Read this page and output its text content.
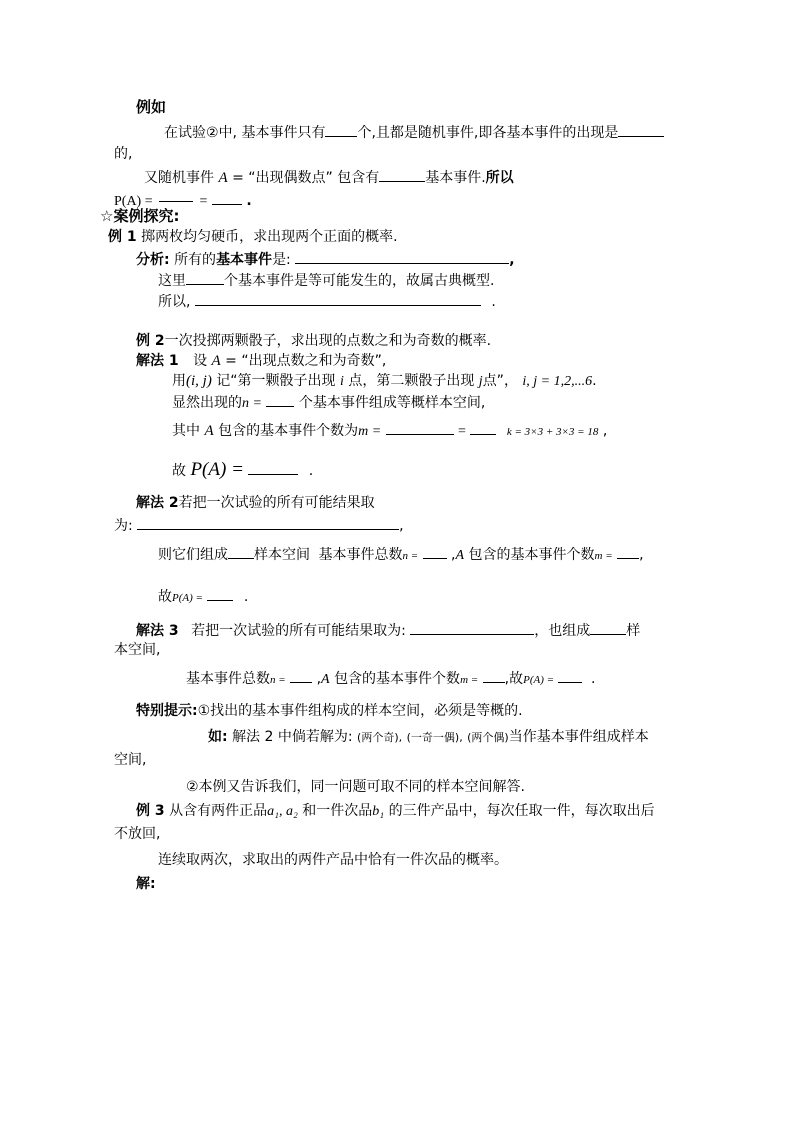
例如
在试验②中, 基本事件只有 个,且都是随机事件,即各基本事件的出现是
的,
又随机事件 A = “出现偶数点” 包含有	基本事件.所以
P(A) =	=	.
☆案例探究:
例 1 掷两枚均匀硬币，求出现两个正面的概率.
分析: 所有的基本事件是:	,
这里	个基本事件是等可能发生的，故属古典概型.
所以,	.
例 2一次投掷两颗骰子，求出现的点数之和为奇数的概率.
解法 1 设 A = “出现点数之和为奇数”,
用(i, j) 记“第一颗骰子出现 i 点，第二颗骰子出现 j点”， i, j = 1,2,...6.
显然出现的n =	个基本事件组成等概样本空间,
其中 A 包含的基本事件个数为m =	=	k = 3×3 + 3×3 = 18 ,
故 P(A) =	.
解法 2若把一次试验的所有可能结果取
为:	,
则它们组成 样本空间 基本事件总数n = ,A 包含的基本事件个数m = ,
故P(A) =	.
解法 3 若把一次试验的所有可能结果取为:	，也组成	样
本空间,
基本事件总数n = ,A 包含的基本事件个数m = ,故P(A) =	.
特别提示:①找出的基本事件组构成的样本空间，必须是等概的.
如: 解法 2 中倘若解为: (两个奇), (一奇一偶), (两个偶)当作基本事件组成样本
空间,
②本例又告诉我们，同一问题可取不同的样本空间解答.
例 3 从含有两件正品a₁, a₂ 和一件次品b₁ 的三件产品中，每次任取一件，每次取出后
不放回,
连续取两次，求取出的两件产品中恰有一件次品的概率。
解:
